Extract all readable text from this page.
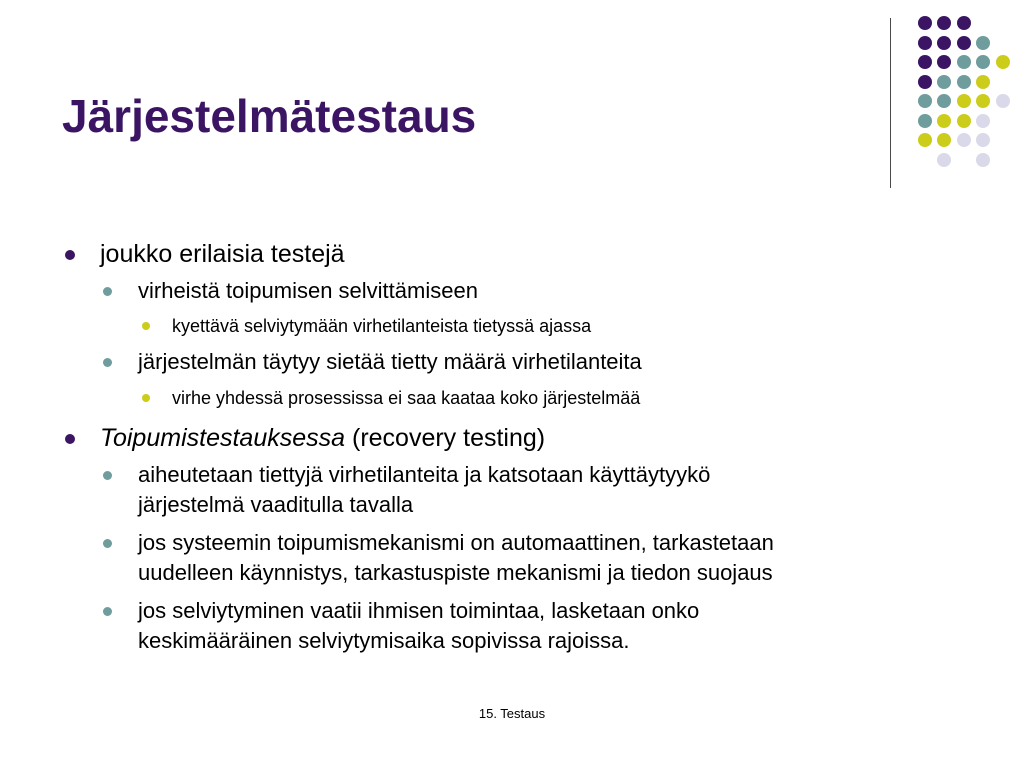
Järjestelmätestaus
joukko erilaisia testejä
virheistä toipumisen selvittämiseen
kyettävä selviytymään virhetilanteista tietyssä ajassa
järjestelmän täytyy sietää tietty määrä virhetilanteita
virhe yhdessä prosessissa ei saa kaataa koko järjestelmää
Toipumistestauksessa (recovery testing)
aiheutetaan tiettyjä virhetilanteita ja katsotaan käyttäytyykö
järjestelmä vaaditulla tavalla
jos systeemin toipumismekanismi on automaattinen, tarkastetaan
uudelleen käynnistys, tarkastuspiste mekanismi ja tiedon suojaus
jos selviytyminen vaatii ihmisen toimintaa, lasketaan onko
keskimääräinen selviytymisaika sopivissa rajoissa.
15. Testaus
